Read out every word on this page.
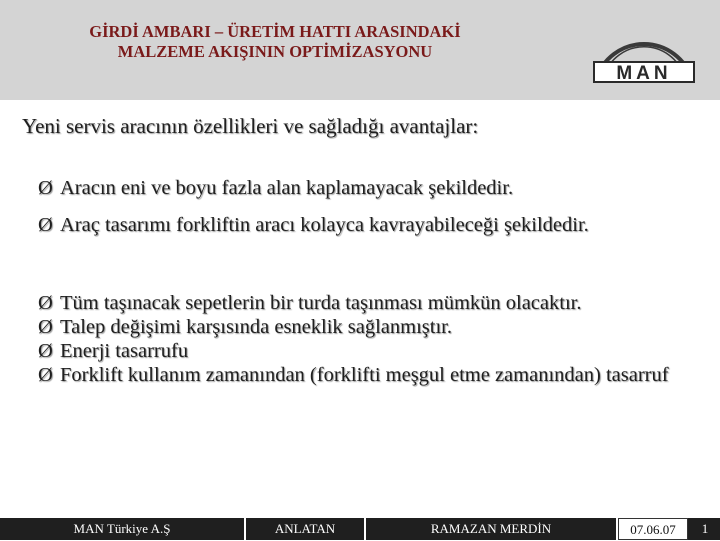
GİRDİ AMBARI – ÜRETİM HATTI ARASINDAKİ
MALZEME AKIŞININ OPTİMİZASYONU
MAN
Yeni servis aracının özellikleri ve sağladığı avantajlar:
Ø Aracın eni ve boyu fazla alan kaplamayacak şekildedir.
Ø Araç tasarımı forkliftin aracı kolayca kavrayabileceği şekildedir.
Ø Tüm taşınacak sepetlerin bir turda taşınması mümkün olacaktır.
Ø Talep değişimi karşısında esneklik sağlanmıştır.
Ø Enerji tasarrufu
Ø Forklift kullanım zamanından (forklifti meşgul etme zamanından) tasarruf
MAN Türkiye A.Ş	ANLATAN	RAMAZAN MERDİN	07.06.07	1
